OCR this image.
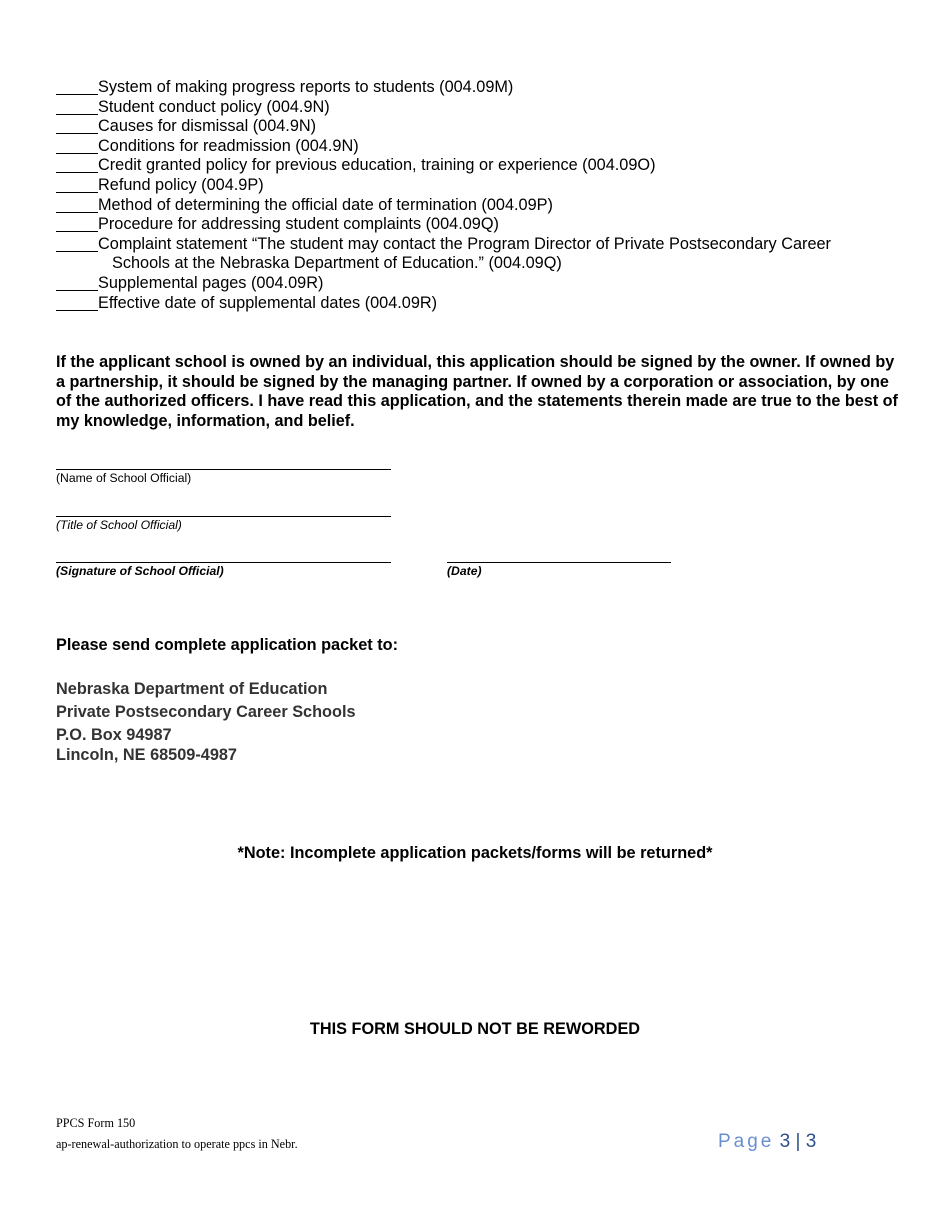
System of making progress reports to students (004.09M)
Student conduct policy (004.9N)
Causes for dismissal (004.9N)
Conditions for readmission (004.9N)
Credit granted policy for previous education, training or experience (004.09O)
Refund policy (004.9P)
Method of determining the official date of termination (004.09P)
Procedure for addressing student complaints (004.09Q)
Complaint statement “The student may contact the Program Director of Private Postsecondary Career
Schools at the Nebraska Department of Education.” (004.09Q)
Supplemental pages (004.09R)
Effective date of supplemental dates (004.09R)
If the applicant school is owned by an individual, this application should be signed by the owner. If owned by a partnership, it should be signed by the managing partner. If owned by a corporation or association, by one of the authorized officers. I have read this application, and the statements therein made are true to the best of my knowledge, information, and belief.
(Name of School Official)
(Title of School Official)
(Signature of School Official)	(Date)
Please send complete application packet to:
Nebraska Department of Education
Private Postsecondary Career Schools
P.O. Box 94987
Lincoln, NE 68509-4987
*Note: Incomplete application packets/forms will be returned*
THIS FORM SHOULD NOT BE REWORDED
PPCS Form 150
ap-renewal-authorization to operate ppcs in Nebr.	Page 3 | 3
